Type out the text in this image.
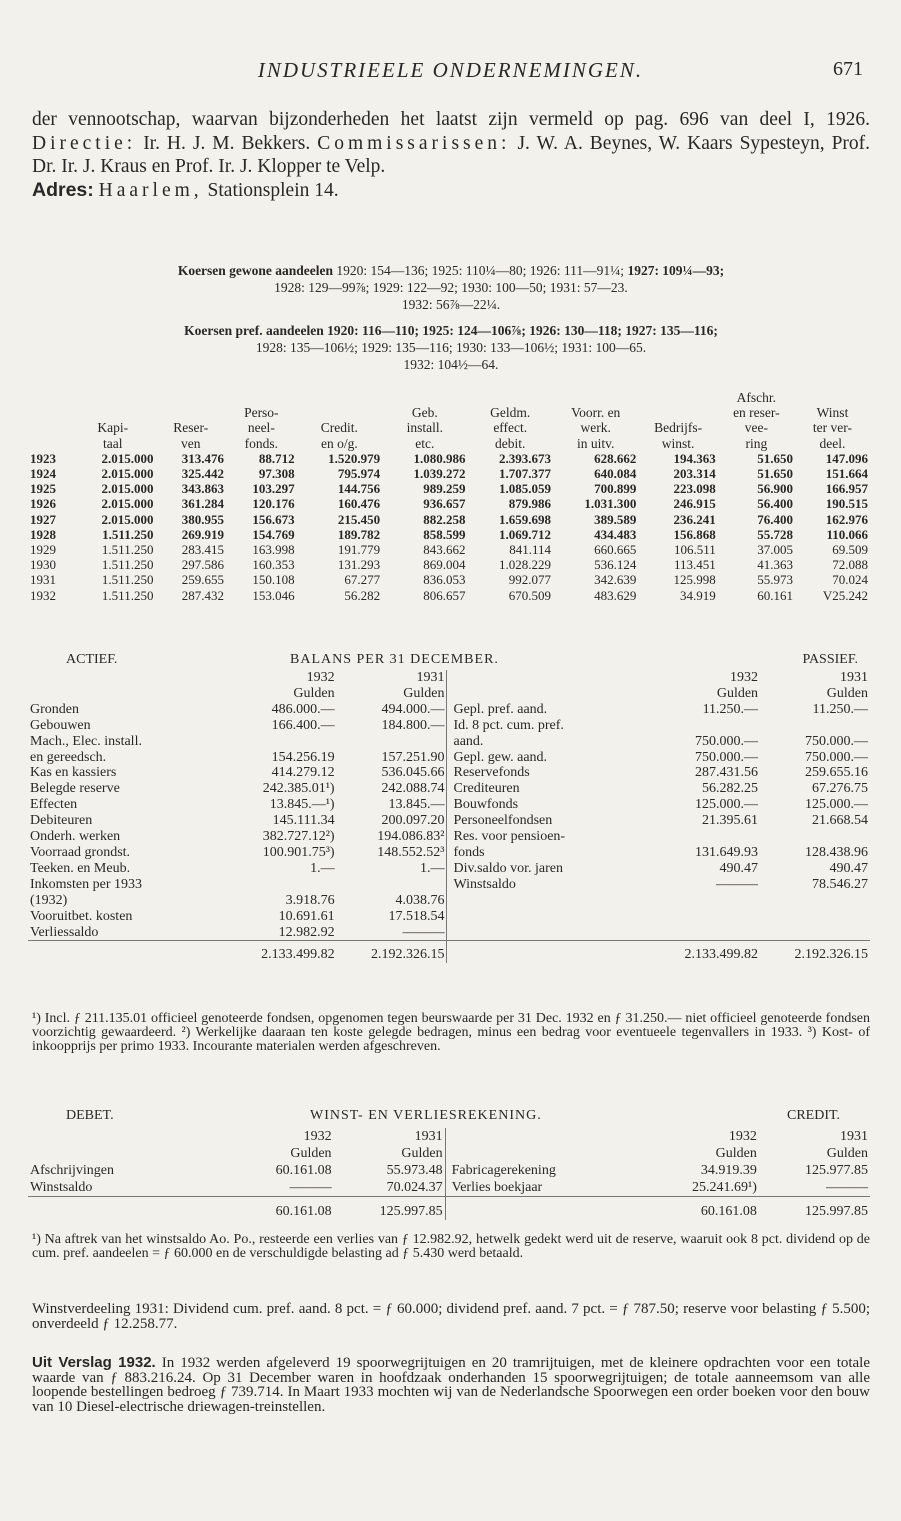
INDUSTRIEELE ONDERNEMINGEN.	671
der vennootschap, waarvan bijzonderheden het laatst zijn vermeld op pag. 696 van deel I, 1926. Directie: Ir. H. J. M. Bekkers. Commissarissen: J. W. A. Beynes, W. Kaars Sypesteyn, Prof. Dr. Ir. J. Kraus en Prof. Ir. J. Klopper te Velp.
Adres: Haarlem, Stationsplein 14.
Koersen gewone aandeelen 1920: 154—136; 1925: 110¼—80; 1926: 111—91¼; 1927: 109¼—93;
1928: 129—99⅞; 1929: 122—92; 1930: 100—50; 1931: 57—23.
1932: 56⅞—22¼.
Koersen pref. aandeelen 1920: 116—110; 1925: 124—106⅞; 1926: 130—118; 1927: 135—116;
1928: 135—106½; 1929: 135—116; 1930: 133—106½; 1931: 100—65.
1932: 104½—64.
									Afschr.	
			Perso-		Geb.	Geldm.	Voorr. en		en reser-	Winst
	Kapi-	Reser-	neel-	Credit.	install.	effect.	werk.	Bedrijfs-	vee-	ter ver-
	taal	ven	fonds.	en o/g.	etc.	debit.	in uitv.	winst.	ring	deel.
1923	2.015.000	313.476	88.712	1.520.979	1.080.986	2.393.673	628.662	194.363	51.650	147.096
1924	2.015.000	325.442	97.308	795.974	1.039.272	1.707.377	640.084	203.314	51.650	151.664
1925	2.015.000	343.863	103.297	144.756	989.259	1.085.059	700.899	223.098	56.900	166.957
1926	2.015.000	361.284	120.176	160.476	936.657	879.986	1.031.300	246.915	56.400	190.515
1927	2.015.000	380.955	156.673	215.450	882.258	1.659.698	389.589	236.241	76.400	162.976
1928	1.511.250	269.919	154.769	189.782	858.599	1.069.712	434.483	156.868	55.728	110.066
1929	1.511.250	283.415	163.998	191.779	843.662	841.114	660.665	106.511	37.005	69.509
1930	1.511.250	297.586	160.353	131.293	869.004	1.028.229	536.124	113.451	41.363	72.088
1931	1.511.250	259.655	150.108	67.277	836.053	992.077	342.639	125.998	55.973	70.024
1932	1.511.250	287.432	153.046	56.282	806.657	670.509	483.629	34.919	60.161	V25.242
ACTIEF.	BALANS PER 31 DECEMBER.	PASSIEF.
	1932	1931		1932	1931
	Gulden	Gulden		Gulden	Gulden
Gronden	486.000.—	494.000.—	Gepl. pref. aand.	11.250.—	11.250.—
Gebouwen	166.400.—	184.800.—	Id. 8 pct. cum. pref.		
Mach., Elec. install.			aand.	750.000.—	750.000.—
en gereedsch.	154.256.19	157.251.90	Gepl. gew. aand.	750.000.—	750.000.—
Kas en kassiers	414.279.12	536.045.66	Reservefonds	287.431.56	259.655.16
Belegde reserve	242.385.01¹)	242.088.74	Crediteuren	56.282.25	67.276.75
Effecten	13.845.—¹)	13.845.—	Bouwfonds	125.000.—	125.000.—
Debiteuren	145.111.34	200.097.20	Personeelfondsen	21.395.61	21.668.54
Onderh. werken	382.727.12²)	194.086.83²	Res. voor pensioen-		
Voorraad grondst.	100.901.75³)	148.552.52³	fonds	131.649.93	128.438.96
Teeken. en Meub.	1.—	1.—	Div.saldo vor. jaren	490.47	490.47
Inkomsten per 1933			Winstsaldo	———	78.546.27
(1932)	3.918.76	4.038.76			
Vooruitbet. kosten	10.691.61	17.518.54			
Verliessaldo	12.982.92	———			
	2.133.499.82	2.192.326.15		2.133.499.82	2.192.326.15
¹) Incl. ƒ 211.135.01 officieel genoteerde fondsen, opgenomen tegen beurswaarde per 31 Dec. 1932 en ƒ 31.250.— niet officieel genoteerde fondsen voorzichtig gewaardeerd. ²) Werkelijke daaraan ten koste gelegde bedragen, minus een bedrag voor eventueele tegenvallers in 1933. ³) Kost- of inkoopprijs per primo 1933. Incourante materialen werden afgeschreven.
DEBET.	WINST- EN VERLIESREKENING.	CREDIT.
	1932	1931		1932	1931
	Gulden	Gulden		Gulden	Gulden
Afschrijvingen	60.161.08	55.973.48	Fabricagerekening	34.919.39	125.977.85
Winstsaldo	———	70.024.37	Verlies boekjaar	25.241.69¹)	———
	60.161.08	125.997.85		60.161.08	125.997.85
¹) Na aftrek van het winstsaldo Ao. Po., resteerde een verlies van ƒ 12.982.92, hetwelk gedekt werd uit de reserve, waaruit ook 8 pct. dividend op de cum. pref. aandeelen = ƒ 60.000 en de verschuldigde belasting ad ƒ 5.430 werd betaald.
Winstverdeeling 1931: Dividend cum. pref. aand. 8 pct. = ƒ 60.000; dividend pref. aand. 7 pct. = ƒ 787.50; reserve voor belasting ƒ 5.500; onverdeeld ƒ 12.258.77.
Uit Verslag 1932. In 1932 werden afgeleverd 19 spoorwegrijtuigen en 20 tramrijtuigen, met de kleinere opdrachten voor een totale waarde van ƒ 883.216.24. Op 31 December waren in hoofdzaak onderhanden 15 spoorwegrijtuigen; de totale aanneemsom van alle loopende bestellingen bedroeg ƒ 739.714. In Maart 1933 mochten wij van de Nederlandsche Spoorwegen een order boeken voor den bouw van 10 Diesel-electrische driewagen-treinstellen.
